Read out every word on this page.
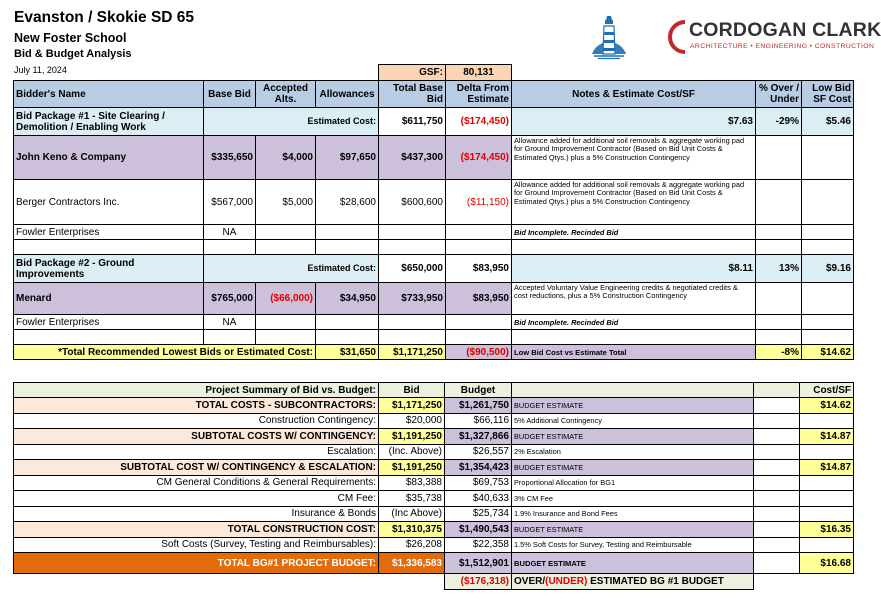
Evanston / Skokie SD 65
New Foster School
Bid & Budget Analysis
July 11, 2024
CORDOGAN CLARK
ARCHITECTURE • ENGINEERING • CONSTRUCTION
GSF:	80,131
Bidder's Name	Base Bid	Accepted Alts.	Allowances	Total Base Bid	Delta From Estimate	Notes & Estimate Cost/SF	% Over / Under	Low Bid SF Cost
Bid Package #1 - Site Clearing / Demolition / Enabling Work	Estimated Cost:			$611,750	($174,450)	$7.63	-29%	$5.46
John Keno & Company	$335,650	$4,000	$97,650	$437,300	($174,450)	Allowance added for additional soil removals & aggregate working pad for Ground Improvement Contractor (Based on Bid Unit Costs & Estimated Qtys.) plus a 5% Construction Contingency		
Berger Contractors Inc.	$567,000	$5,000	$28,600	$600,600	($11,150)	Allowance added for additional soil removals & aggregate working pad for Ground Improvement Contractor (Based on Bid Unit Costs & Estimated Qtys.) plus a 5% Construction Contingency		
Fowler Enterprises	NA					Bid Incomplete. Recinded Bid		

Bid Package #2 - Ground Improvements	Estimated Cost:			$650,000	$83,950	$8.11	13%	$9.16
Menard	$765,000	($66,000)	$34,950	$733,950	$83,950	Accepted Voluntary Value Engineering credits & negotiated credits & cost reductions, plus a 5% Construction Contingency		
Fowler Enterprises	NA					Bid Incomplete. Recinded Bid		

*Total Recommended Lowest Bids or Estimated Cost:			$31,650	$1,171,250	($90,500)	Low Bid Cost vs Estimate Total	-8%	$14.62
Project Summary of Bid vs. Budget:	Bid	Budget			Cost/SF
TOTAL COSTS - SUBCONTRACTORS:	$1,171,250	$1,261,750	BUDGET ESTIMATE		$14.62
Construction Contingency:	$20,000	$66,116	5% Additional Contingency		
SUBTOTAL COSTS W/ CONTINGENCY:	$1,191,250	$1,327,866	BUDGET ESTIMATE		$14.87
Escalation:	(Inc. Above)	$26,557	2% Escalation		
SUBTOTAL COST W/ CONTINGENCY & ESCALATION:	$1,191,250	$1,354,423	BUDGET ESTIMATE		$14.87
CM General Conditions & General Requirements:	$83,388	$69,753	Proportional Allocation for BG1		
CM Fee:	$35,738	$40,633	3% CM Fee		
Insurance & Bonds	(Inc Above)	$25,734	1.9% Insurance and Bond Fees		
TOTAL CONSTRUCTION COST:	$1,310,375	$1,490,543	BUDGET ESTIMATE		$16.35
Soft Costs (Survey, Testing and Reimbursables):	$26,208	$22,358	1.5% Soft Costs for Survey, Testing and Reimbursable		
TOTAL BG#1 PROJECT BUDGET:	$1,336,583	$1,512,901	BUDGET ESTIMATE		$16.68
		($176,318)	OVER/(UNDER) ESTIMATED BG #1 BUDGET		
